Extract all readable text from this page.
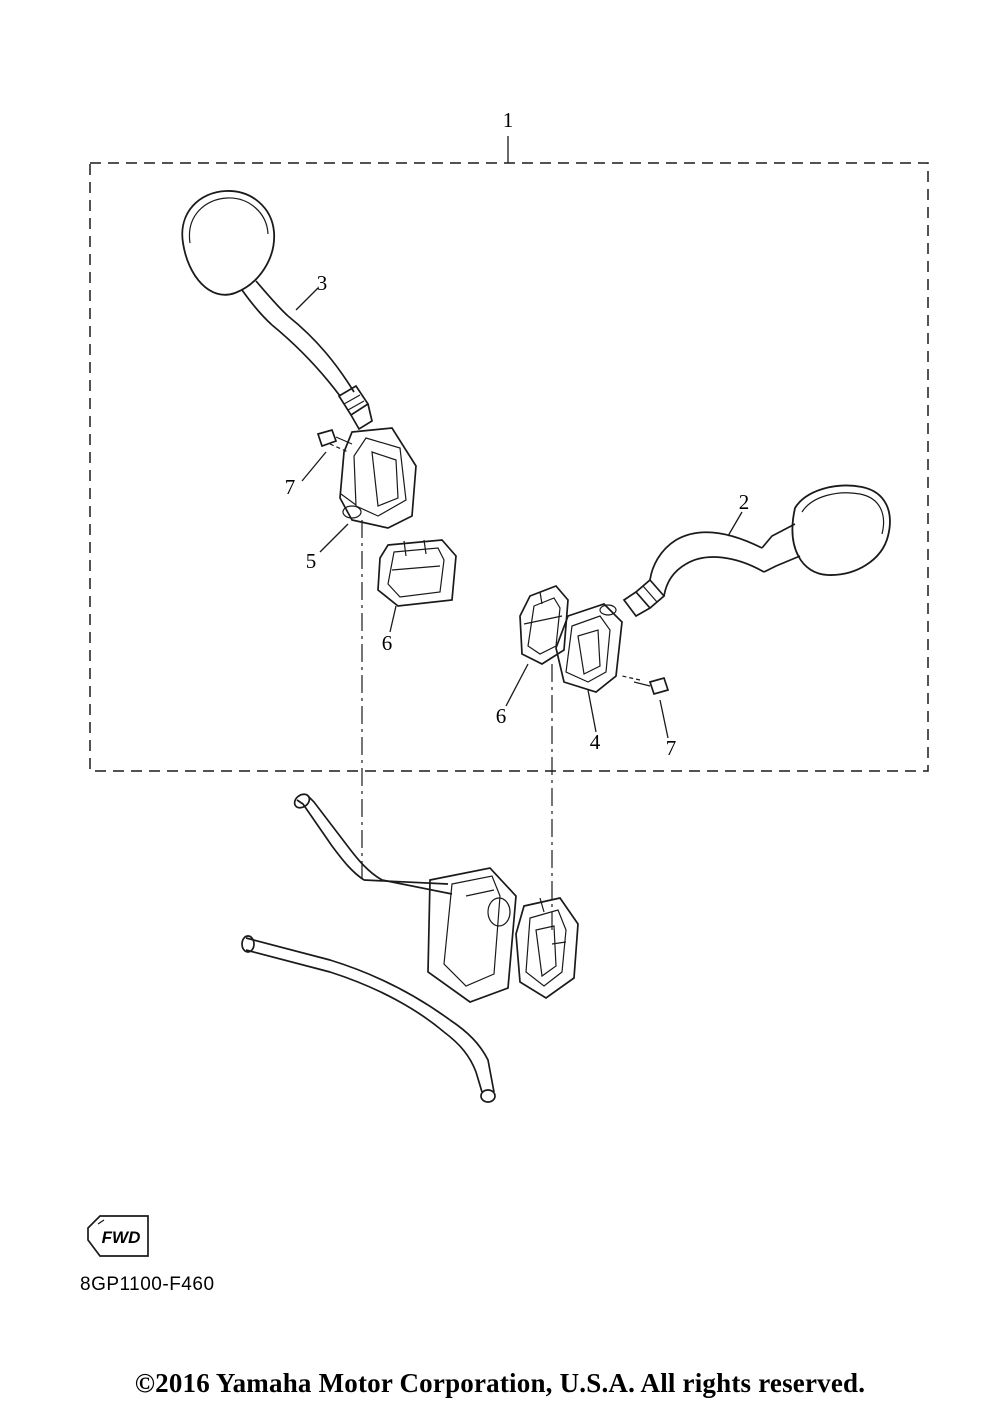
1
3
7
5
6
2
6
4	7
FWD
8GP1100-F460
©2016 Yamaha Motor Corporation, U.S.A. All rights reserved.
